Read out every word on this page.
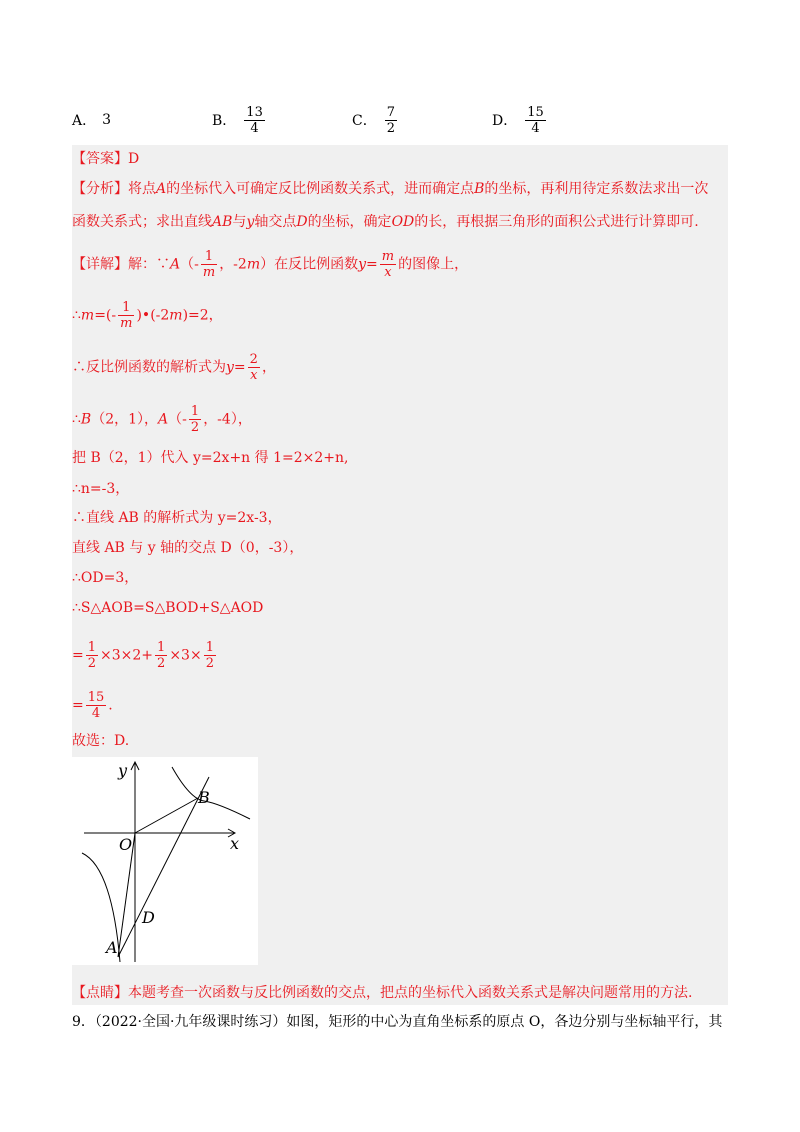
A． 3	B． $\frac{13}{4}$	C． $\frac{7}{2}$	D． $\frac{15}{4}$
【答案】D
【分析】将点A的坐标代入可确定反比例函数关系式，进而确定点B的坐标，再利用待定系数法求出一次
函数关系式；求出直线AB与y轴交点D的坐标，确定OD的长，再根据三角形的面积公式进行计算即可.
【详解】解：∵A（- $\frac{1}{m}$ ，-2m）在反比例函数$y= \frac{m}{x}$ 的图像上，
∴m=(- $\frac{1}{m}$ )•(-2m)=2，
∴反比例函数的解析式为$y= \frac{2}{x}$ ，
∴B（2，1），$A(- \frac{1}{2}$ ，-4），
把 B（2，1）代入 y=2x+n 得 1=2×2+n,
∴n=-3，
∴直线 AB 的解析式为 y=2x-3，
直线 AB 与 y 轴的交点 D（0，-3），
∴OD=3，
∴S△AOB=S△BOD+S△AOD
= $\frac{1}{2} \times 3\times 2+ \frac{1}{2} \times 3\times \frac{1}{2}$
= $\frac{15}{4}$ .
故选：D.
y
x
O
B
D
A
【点睛】本题考查一次函数与反比例函数的交点，把点的坐标代入函数关系式是解决问题常用的方法.
9．（2022·全国·九年级课时练习）如图，矩形的中心为直角坐标系的原点 O，各边分别与坐标轴平行，其
